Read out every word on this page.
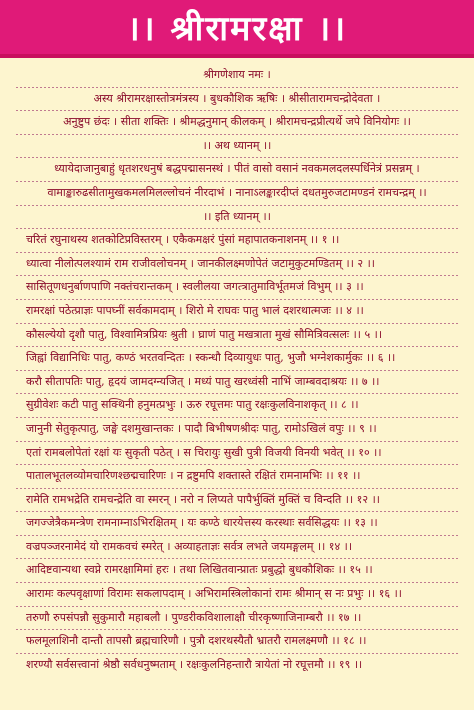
।। श्रीरामरक्षा ।।
श्रीगणेशाय नमः ।
अस्य श्रीरामरक्षास्तोत्रमंत्रस्य । बुधकौशिक ऋषिः । श्रीसीतारामचन्द्रोदेवता ।
अनुष्टुप छंदः । सीता शक्तिः । श्रीमद्धनुमान् कीलकम् । श्रीरामचन्द्रप्रीत्यर्थे जपे विनियोगः ।।
।। अथ ध्यानम् ।।
ध्यायेदाजानुबाहुं धृतशरधनुषं बद्धपद्मासनस्थं । पीतं वासो वसानं नवकमलदलस्पर्धिनेत्रं प्रसन्नम् ।
वामाङ्कारुढसीतामुखकमलमिलल्लोचनं नीरदाभं । नानाऽलङ्कारदीप्तं दधतमुरुजटामण्डनं रामचन्द्रम् ।।
।। इति ध्यानम् ।।
चरितं रघुनाथस्य शतकोटिप्रविस्तरम् । एकैकमक्षरं पुंसां महापातकनाशनम् ।। १ ।।
ध्यात्वा नीलोत्पलश्यामं राम राजीवलोचनम् । जानकीलक्ष्मणोपेतं जटामुकुटमण्डितम् ।। २ ।।
सासितूणधनुर्बाणपाणि नक्तंचरान्तकम् । स्वलीलया जगत्त्रातुमाविर्भूतमजं विभुम् ।। ३ ।।
रामरक्षां पठेत्प्राज्ञः पापघ्नीं सर्वकामदाम् । शिरो मे राघवः पातु भालं दशरथात्मजः ।। ४ ।।
कौसल्येयो दृशौ पातु, विश्वामित्रप्रियः श्रुती । घ्राणं पातु मखत्राता मुखं सौमित्रिवत्सलः ।। ५ ।।
जिह्वां विद्यानिधिः पातु, कण्ठं भरतवन्दितः । स्कन्धौ दिव्यायुधः पातु, भुजौ भग्नेशकार्मुकः ।। ६ ।।
करौ सीतापतिः पातु, हृदयं जामदग्न्यजित् । मध्यं पातु खरध्वंसी नाभिं जाम्बवदाश्रयः ।। ७ ।।
सुग्रीवेशः कटी पातु सक्थिनी हनुमत्प्रभुः । ऊरु रघूत्तमः पातु रक्षःकुलविनाशकृत् ।। ८ ।।
जानुनी सेतुकृत्पातु, जङ्घे दशमुखान्तकः । पादौ बिभीषणश्रीदः पातु, रामोऽखिलं वपुः ।। ९ ।।
एतां रामबलोपेतां रक्षां यः सुकृती पठेत् । स चिरायुः सुखी पुत्री विजयी विनयी भवेत् ।। १० ।।
पातालभूतलव्योमचारिणश्छद्मचारिणः । न द्रष्टुमपि शक्तास्ते रक्षितं रामनामभिः ।। ११ ।।
रामेति रामभद्रेति रामचन्द्रेति वा स्मरन् । नरो न लिप्यते पापैर्भुक्तिं मुक्तिं च विन्दति ।। १२ ।।
जगज्जेत्रैकमन्त्रेण रामनाम्नाऽभिरक्षितम् । यः कण्ठे धारयेत्तस्य करस्थाः सर्वसिद्धयः ।। १३ ।।
वज्रपञ्जरनामेदं यो रामकवचं स्मरेत् । अव्याहताज्ञः सर्वत्र लभते जयमङ्गलम् ।। १४ ।।
आदिष्टवान्यथा स्वप्ने रामरक्षामिमां हरः । तथा लिखितवान्प्रातः प्रबुद्धो बुधकौशिकः ।। १५ ।।
आरामः कल्पवृक्षाणां विरामः सकलापदाम् । अभिरामस्त्रिलोकानां रामः श्रीमान् स नः प्रभुः ।। १६ ।।
तरुणौ रुपसंपन्नौ सुकुमारौ महाबलौ । पुण्डरीकविशालाक्षौ चीरकृष्णाजिनाम्बरौ ।। १७ ।।
फलमूलाशिनौ दान्तौ तापसौ ब्रह्मचारिणौ । पुत्रौ दशरथस्यैतौ भ्रातरौ रामलक्ष्मणौ ।। १८ ।।
शरण्यौ सर्वसत्त्वानां श्रेष्ठौ सर्वधनुष्मताम् । रक्षःकुलनिहन्तारौ त्रायेतां नो रघूत्तमौ ।। १९ ।।
